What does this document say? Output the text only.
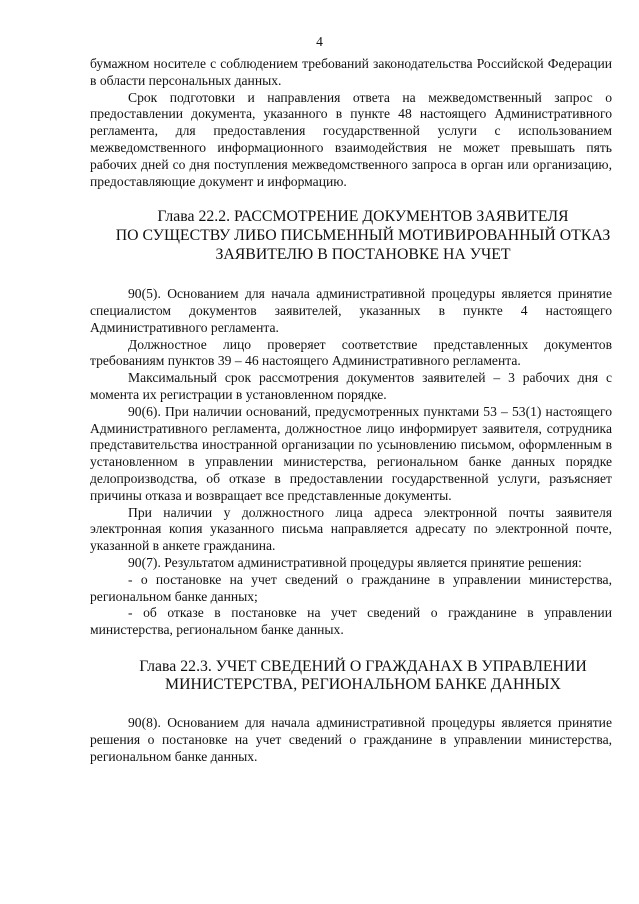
4

бумажном носителе с соблюдением требований законодательства Российской Федерации в области персональных данных.

Срок подготовки и направления ответа на межведомственный запрос о предоставлении документа, указанного в пункте 48 настоящего Административного регламента, для предоставления государственной услуги с использованием межведомственного информационного взаимодействия не может превышать пять рабочих дней со дня поступления межведомственного запроса в орган или организацию, предоставляющие документ и информацию.

Глава 22.2. РАССМОТРЕНИЕ ДОКУМЕНТОВ ЗАЯВИТЕЛЯ
ПО СУЩЕСТВУ ЛИБО ПИСЬМЕННЫЙ МОТИВИРОВАННЫЙ ОТКАЗ
ЗАЯВИТЕЛЮ В ПОСТАНОВКЕ НА УЧЕТ

90(5). Основанием для начала административной процедуры является принятие специалистом документов заявителей, указанных в пункте 4 настоящего Административного регламента.

Должностное лицо проверяет соответствие представленных документов требованиям пунктов 39 – 46 настоящего Административного регламента.

Максимальный срок рассмотрения документов заявителей – 3 рабочих дня с момента их регистрации в установленном порядке.

90(6). При наличии оснований, предусмотренных пунктами 53 – 53(1) настоящего Административного регламента, должностное лицо информирует заявителя, сотрудника представительства иностранной организации по усыновлению письмом, оформленным в установленном в управлении министерства, региональном банке данных порядке делопроизводства, об отказе в предоставлении государственной услуги, разъясняет причины отказа и возвращает все представленные документы.

При наличии у должностного лица адреса электронной почты заявителя электронная копия указанного письма направляется адресату по электронной почте, указанной в анкете гражданина.

90(7). Результатом административной процедуры является принятие решения:

- о постановке на учет сведений о гражданине в управлении министерства, региональном банке данных;

- об отказе в постановке на учет сведений о гражданине в управлении министерства, региональном банке данных.

Глава 22.3. УЧЕТ СВЕДЕНИЙ О ГРАЖДАНАХ В УПРАВЛЕНИИ
МИНИСТЕРСТВА, РЕГИОНАЛЬНОМ БАНКЕ ДАННЫХ

90(8). Основанием для начала административной процедуры является принятие решения о постановке на учет сведений о гражданине в управлении министерства, региональном банке данных.
